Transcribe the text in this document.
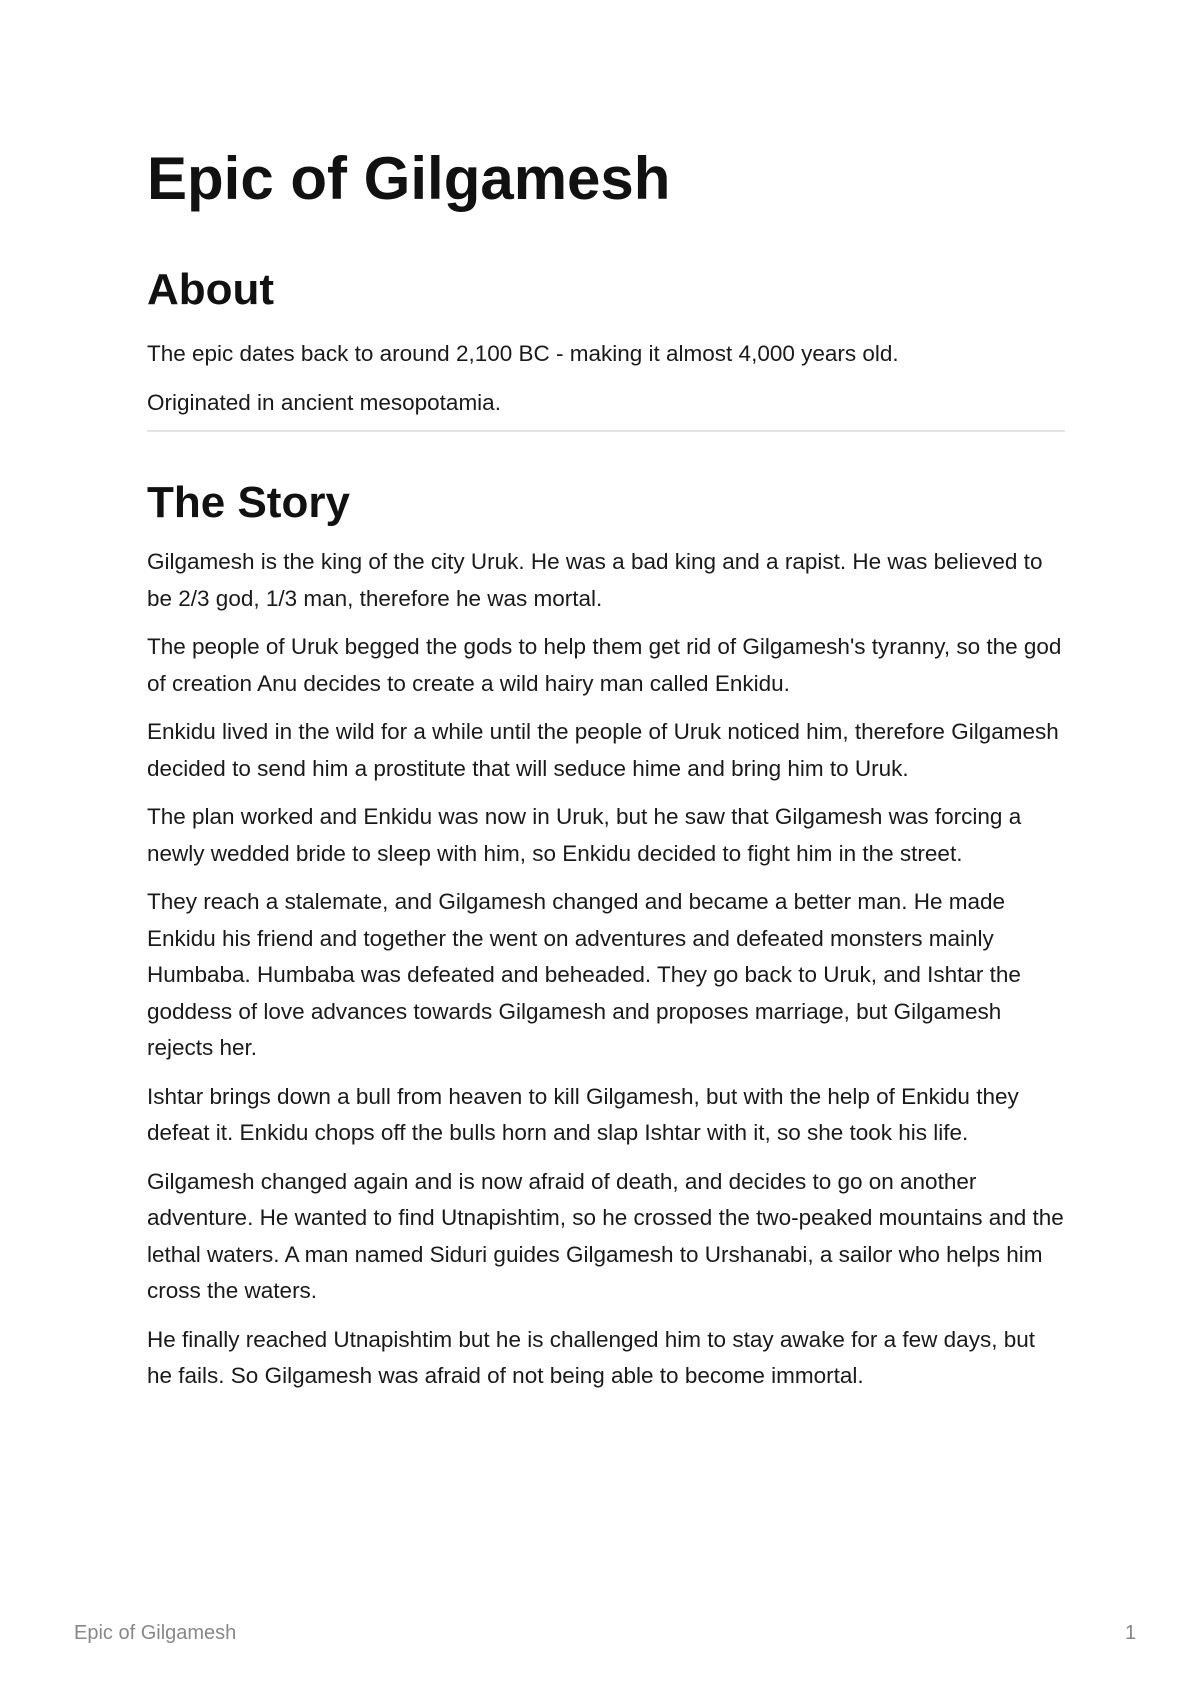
Epic of Gilgamesh
About

The epic dates back to around 2,100 BC - making it almost 4,000 years old.

Originated in ancient mesopotamia.

The Story

Gilgamesh is the king of the city Uruk. He was a bad king and a rapist. He was believed to be 2/3 god, 1/3 man, therefore he was mortal.

The people of Uruk begged the gods to help them get rid of Gilgamesh's tyranny, so the god of creation Anu decides to create a wild hairy man called Enkidu.

Enkidu lived in the wild for a while until the people of Uruk noticed him, therefore Gilgamesh decided to send him a prostitute that will seduce hime and bring him to Uruk.

The plan worked and Enkidu was now in Uruk, but he saw that Gilgamesh was forcing a newly wedded bride to sleep with him, so Enkidu decided to fight him in the street.

They reach a stalemate, and Gilgamesh changed and became a better man. He made Enkidu his friend and together the went on adventures and defeated monsters mainly Humbaba. Humbaba was defeated and beheaded. They go back to Uruk, and Ishtar the goddess of love advances towards Gilgamesh and proposes marriage, but Gilgamesh rejects her.

Ishtar brings down a bull from heaven to kill Gilgamesh, but with the help of Enkidu they defeat it. Enkidu chops off the bulls horn and slap Ishtar with it, so she took his life.

Gilgamesh changed again and is now afraid of death, and decides to go on another adventure. He wanted to find Utnapishtim, so he crossed the two-peaked mountains and the lethal waters. A man named Siduri guides Gilgamesh to Urshanabi, a sailor who helps him cross the waters.

He finally reached Utnapishtim but he is challenged him to stay awake for a few days, but he fails. So Gilgamesh was afraid of not being able to become immortal.

Epic of Gilgamesh	1
